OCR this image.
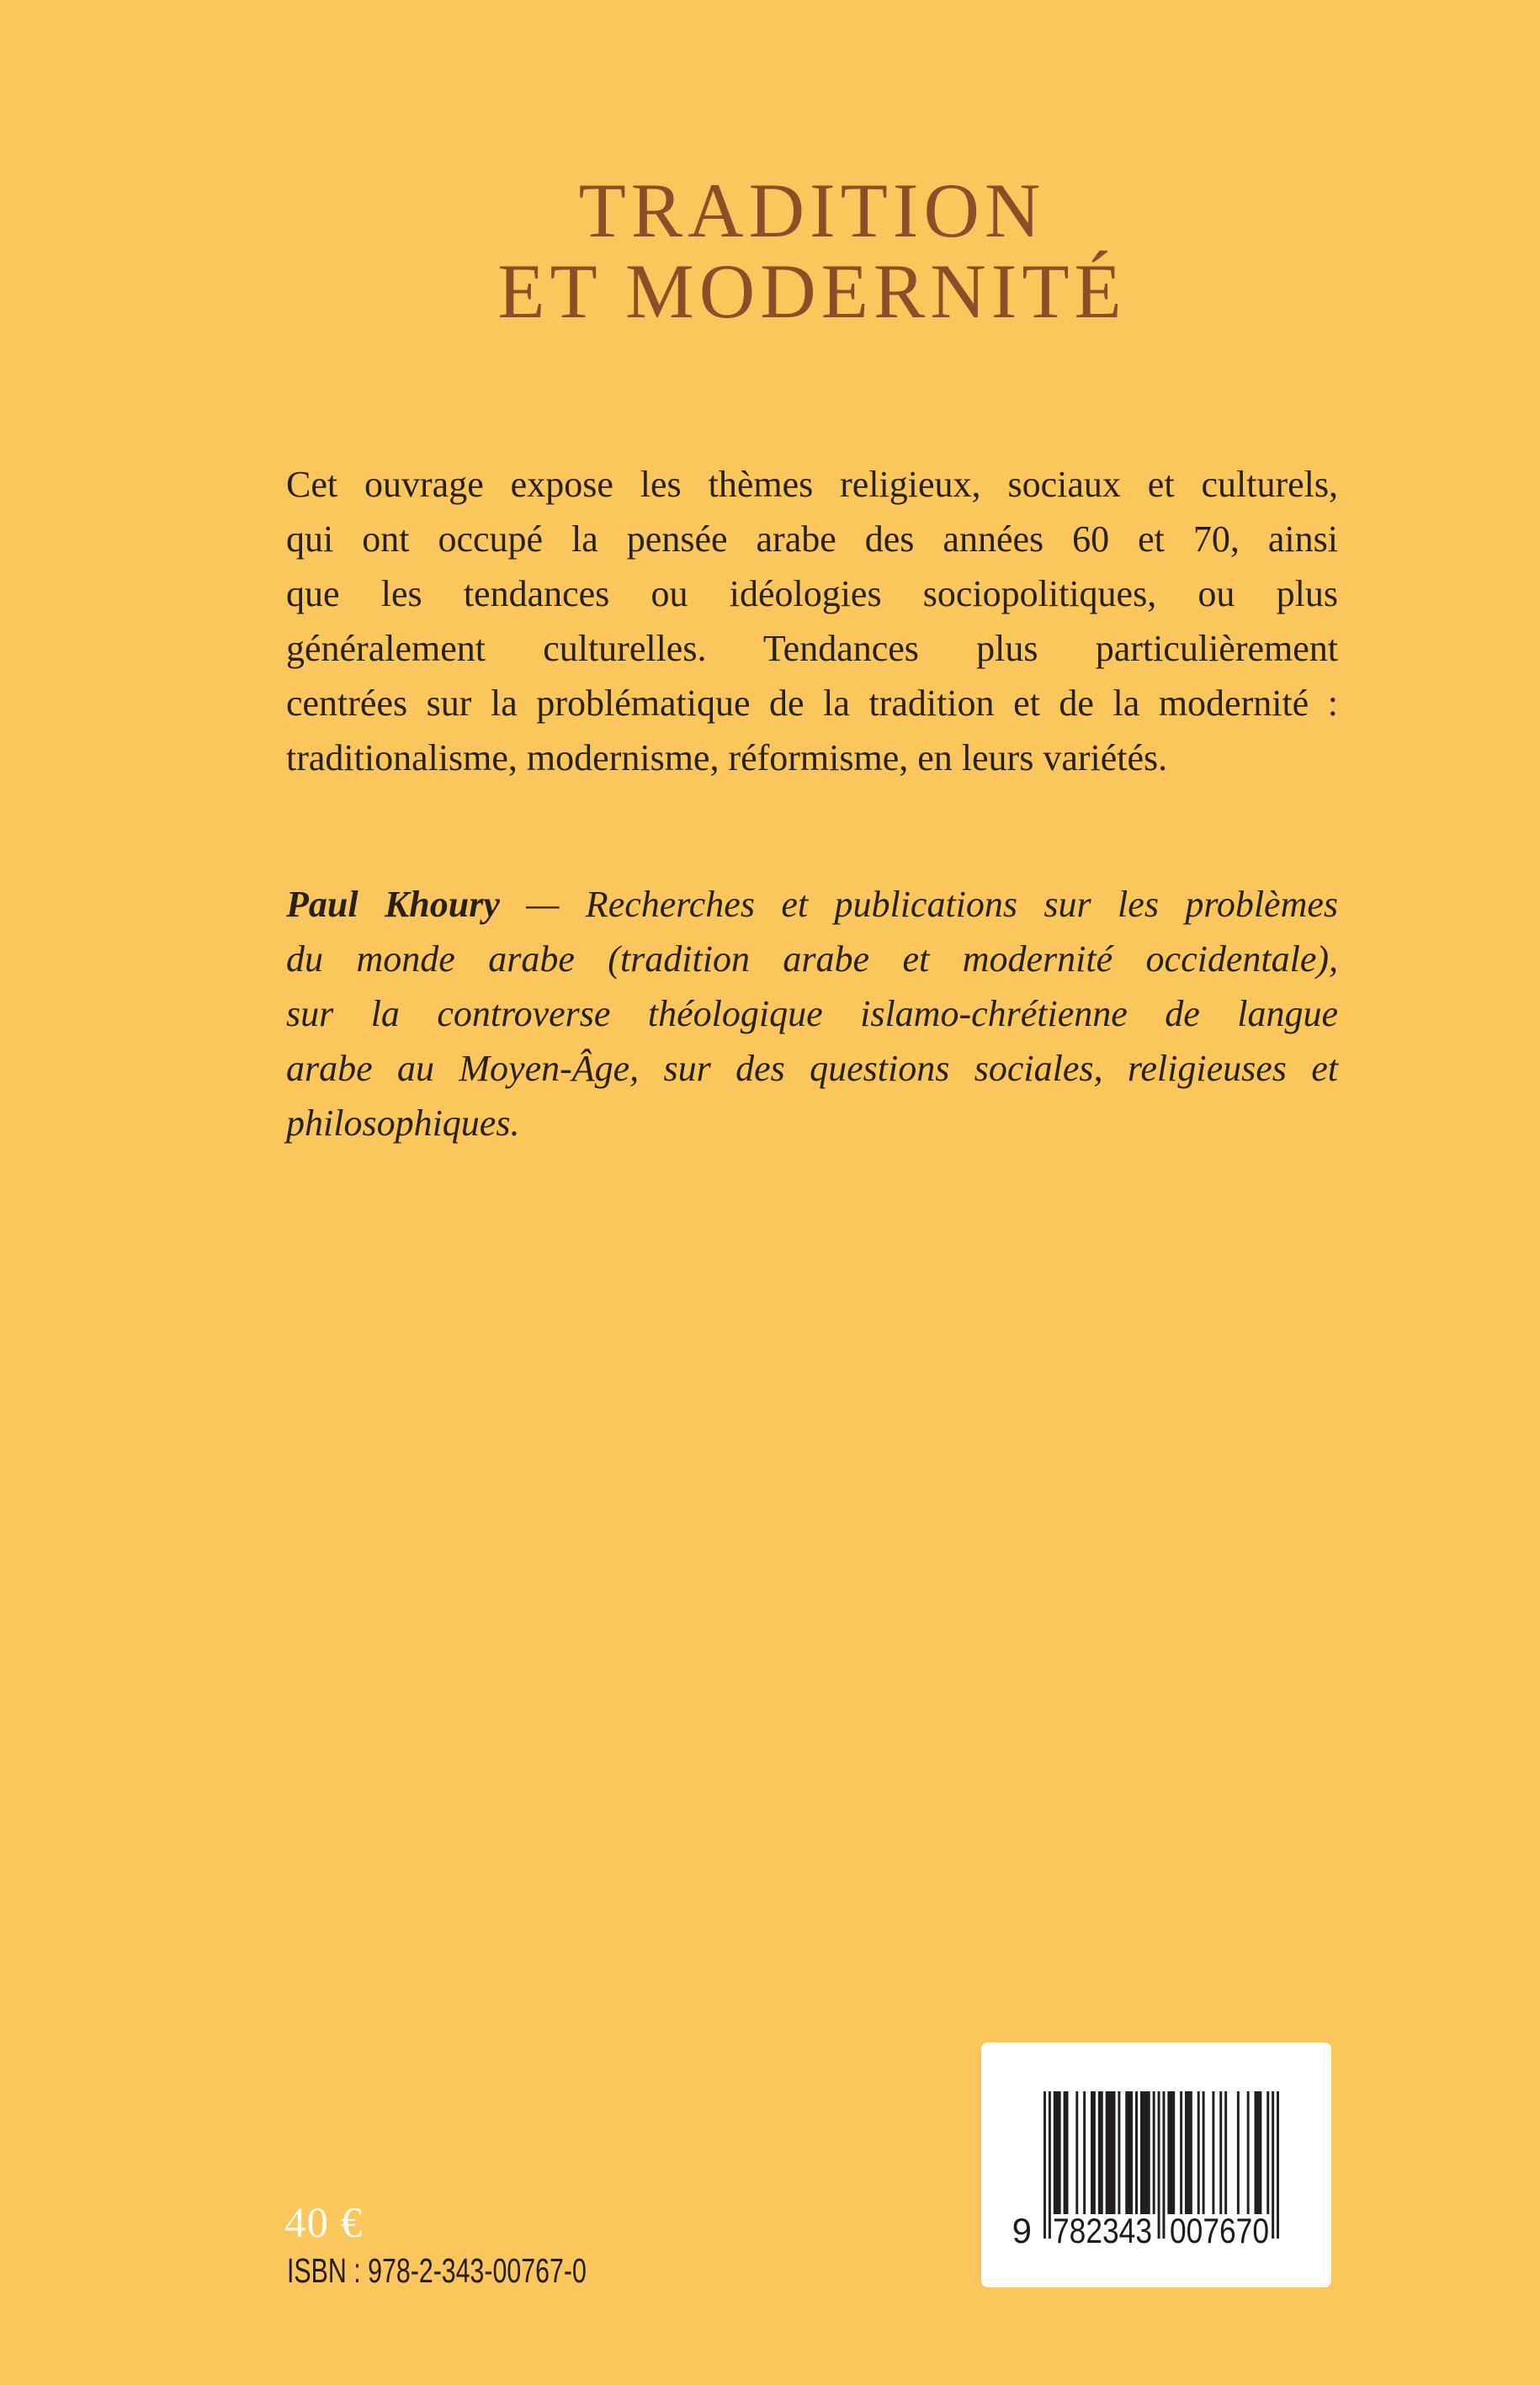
TRADITION
ET MODERNITÉ
Cet ouvrage expose les thèmes religieux, sociaux et culturels,
qui ont occupé la pensée arabe des années 60 et 70, ainsi
que les tendances ou idéologies sociopolitiques, ou plus
généralement culturelles. Tendances plus particulièrement
centrées sur la problématique de la tradition et de la modernité :
traditionalisme, modernisme, réformisme, en leurs variétés.
Paul Khoury — Recherches et publications sur les problèmes
du monde arabe (tradition arabe et modernité occidentale),
sur la controverse théologique islamo-chrétienne de langue
arabe au Moyen-Âge, sur des questions sociales, religieuses et
philosophiques.
40 €
ISBN : 978-2-343-00767-0
9 782343 007670
